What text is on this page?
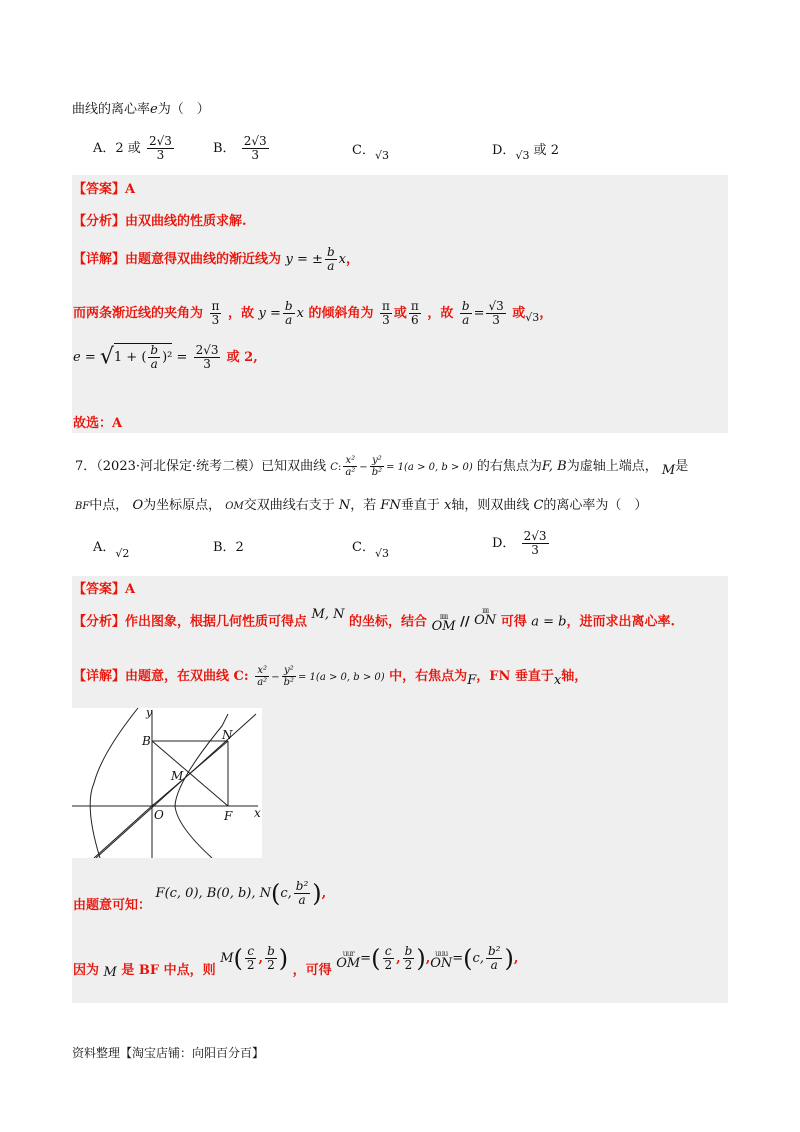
曲线的离心率e为（　）
A．2 或 $\frac{2√3}{3}$	B． $\frac{2√3}{3}$	C．$_{√3}$	D．$_{√3}$ 或 2
【答案】A
【分析】由双曲线的性质求解.
【详解】由题意得双曲线的渐近线为 y = ± $\frac{b}{a}$ x，
而两条渐近线的夹角为 $\frac{\pi}{3}$ ，故 $y = \frac{b}{a}$ x 的倾斜角为 $\frac{\pi}{3}$ 或 $\frac{\pi}{6}$ ，故 $\frac{b}{a} = \frac{√3}{3}$ 或$_{√3}$，
e = √1 + ( $\frac{b}{a} )^2 = \frac{2√3}{3}$ 或 2,
故选：A
7．（2023·河北保定·统考二模）已知双曲线 C: $\frac{\text{x²}}{\text{a²}} - \frac{\text{y²}}{\text{b²}} = 1(a > 0$, b > 0) 的右焦点为F, B为虚轴上端点， M是
BF中点， O为坐标原点， OM交双曲线右支于 N，若 FN垂直于 x轴，则双曲线 C的离心率为（　）
A．$_{√2}$	B．2	C．$_{√3}$
D． $\frac{2√3}{3}$
【答案】A
【分析】作出图象，根据几何性质可得点 M, N 的坐标，结合 ııııı
OM //
ıııı
ON 可得 a = b，进而求出离心率.
【详解】由题意，在双曲线 C: $\frac{\text{x²}}{\text{a²}} - \frac{\text{y²}}{\text{b²}} = 1(a > 0$, b > 0) 中，右焦点为F，FN 垂直于x轴，
y
x
B	N
M
O	F
由题意可知： F(c, 0), B(0, b), N(c, $\frac{\text{b²}}{a}$ ),
因为 M 是 BF 中点，则 $M( \frac{c}{2}$ , $\frac{b}{2}$ ) ，可得
uur
OM =( $\frac{c}{2}$ , $\frac{b}{2}$ ), uuu
ON =(c, $\frac{\text{b²}}{a}$ ),
资料整理【淘宝店铺：向阳百分百】
